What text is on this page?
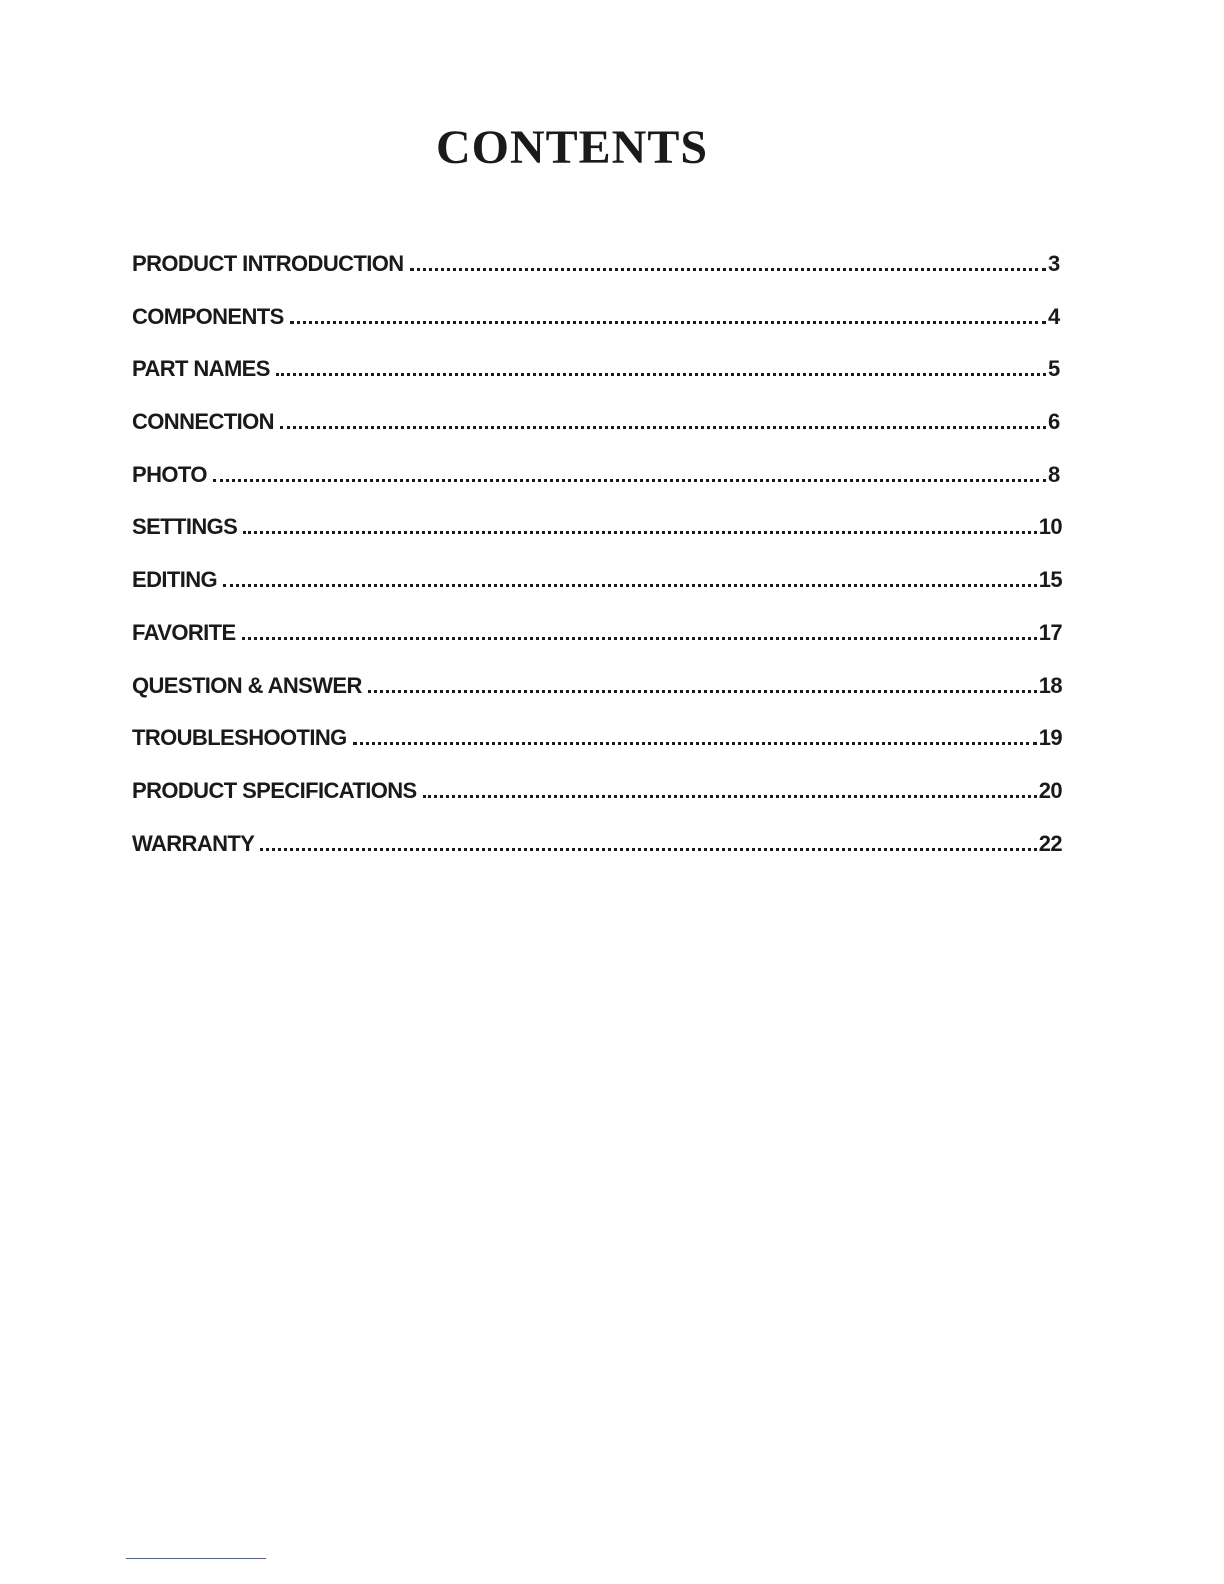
CONTENTS
PRODUCT INTRODUCTION	3
COMPONENTS	4
PART NAMES	5
CONNECTION	6
PHOTO	8
SETTINGS	10
EDITING	15
FAVORITE	17
QUESTION & ANSWER	18
TROUBLESHOOTING	19
PRODUCT SPECIFICATIONS	20
WARRANTY	22
